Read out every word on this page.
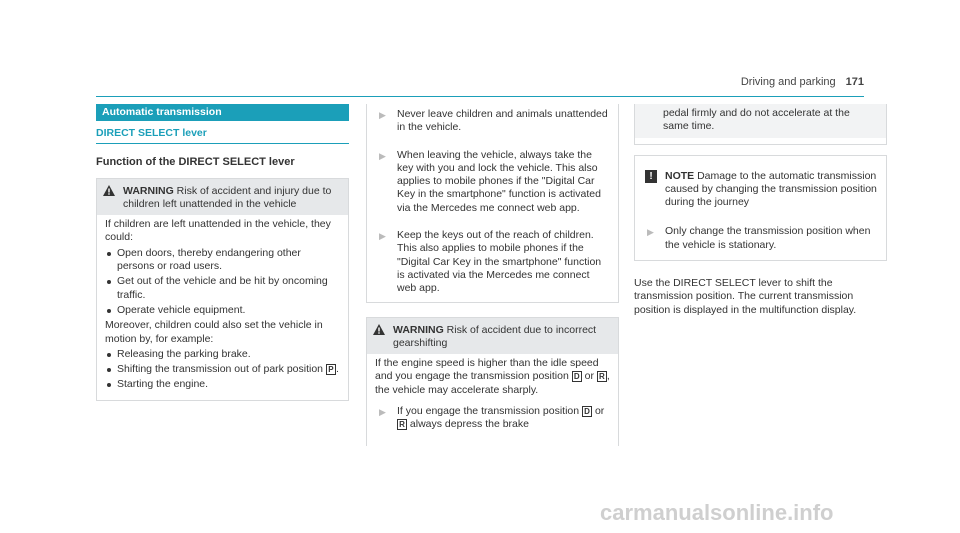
Driving and parking 171
Automatic transmission
DIRECT SELECT lever
Function of the DIRECT SELECT lever
WARNING Risk of accident and injury due to children left unattended in the vehicle
If children are left unattended in the vehicle, they could:
Open doors, thereby endangering other persons or road users.
Get out of the vehicle and be hit by oncoming traffic.
Operate vehicle equipment.
Moreover, children could also set the vehicle in motion by, for example:
Releasing the parking brake.
Shifting the transmission out of park position P .
Starting the engine.
▶ Never leave children and animals unattended in the vehicle.
▶ When leaving the vehicle, always take the key with you and lock the vehicle. This also applies to mobile phones if the "Digital Car Key in the smartphone" function is activated via the Mercedes me connect web app.
▶ Keep the keys out of the reach of children. This also applies to mobile phones if the "Digital Car Key in the smartphone" function is activated via the Mercedes me connect web app.
WARNING Risk of accident due to incorrect gearshifting
If the engine speed is higher than the idle speed and you engage the transmission position D or R , the vehicle may accelerate sharply.
▶ If you engage the transmission position D or R always depress the brake
pedal firmly and do not accelerate at the same time.
!	NOTE Damage to the automatic transmission caused by changing the transmission position during the journey
▶ Only change the transmission position when the vehicle is stationary.
Use the DIRECT SELECT lever to shift the transmission position. The current transmission position is displayed in the multifunction display.
carmanualsonline.info
